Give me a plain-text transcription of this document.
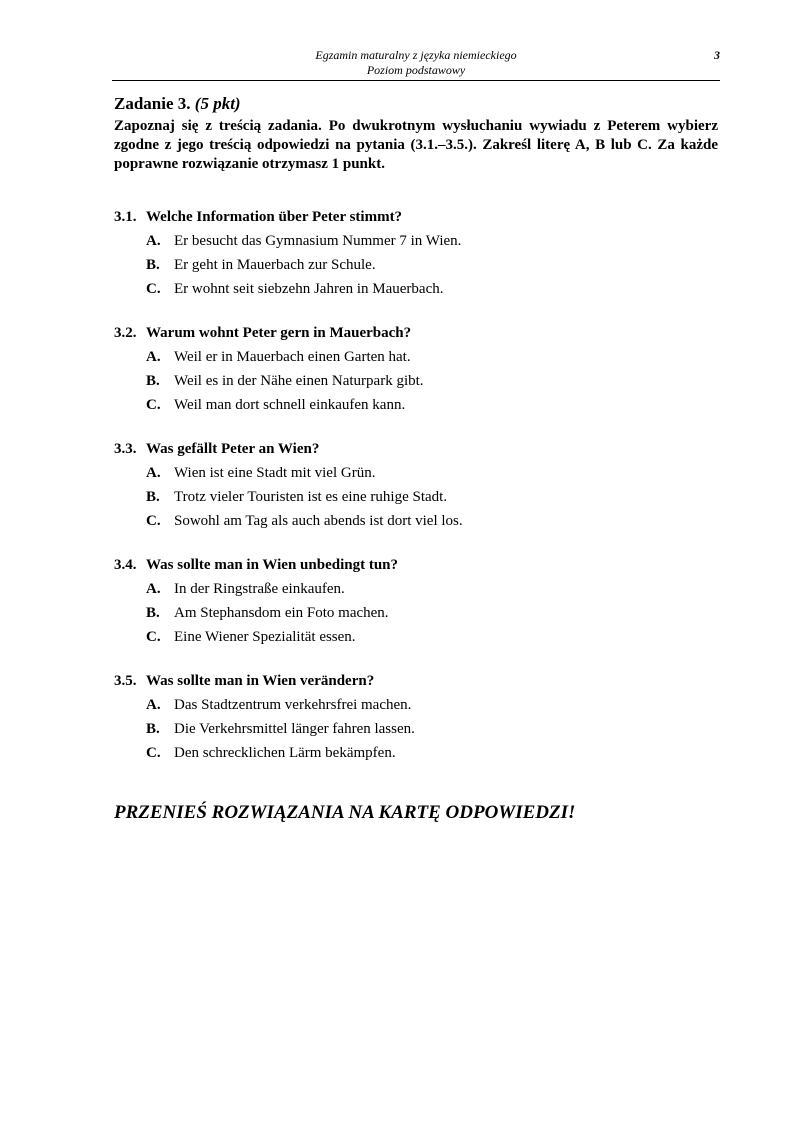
Egzamin maturalny z języka niemieckiego
Poziom podstawowy
3
Zadanie 3. (5 pkt)
Zapoznaj się z treścią zadania. Po dwukrotnym wysłuchaniu wywiadu z Peterem wybierz zgodne z jego treścią odpowiedzi na pytania (3.1.–3.5.). Zakreśl literę A, B lub C. Za każde poprawne rozwiązanie otrzymasz 1 punkt.
3.1. Welche Information über Peter stimmt?
A. Er besucht das Gymnasium Nummer 7 in Wien.
B. Er geht in Mauerbach zur Schule.
C. Er wohnt seit siebzehn Jahren in Mauerbach.
3.2. Warum wohnt Peter gern in Mauerbach?
A. Weil er in Mauerbach einen Garten hat.
B. Weil es in der Nähe einen Naturpark gibt.
C. Weil man dort schnell einkaufen kann.
3.3. Was gefällt Peter an Wien?
A. Wien ist eine Stadt mit viel Grün.
B. Trotz vieler Touristen ist es eine ruhige Stadt.
C. Sowohl am Tag als auch abends ist dort viel los.
3.4. Was sollte man in Wien unbedingt tun?
A. In der Ringstraße einkaufen.
B. Am Stephansdom ein Foto machen.
C. Eine Wiener Spezialität essen.
3.5. Was sollte man in Wien verändern?
A. Das Stadtzentrum verkehrsfrei machen.
B. Die Verkehrsmittel länger fahren lassen.
C. Den schrecklichen Lärm bekämpfen.
PRZENIEŚ ROZWIĄZANIA NA KARTĘ ODPOWIEDZI!
